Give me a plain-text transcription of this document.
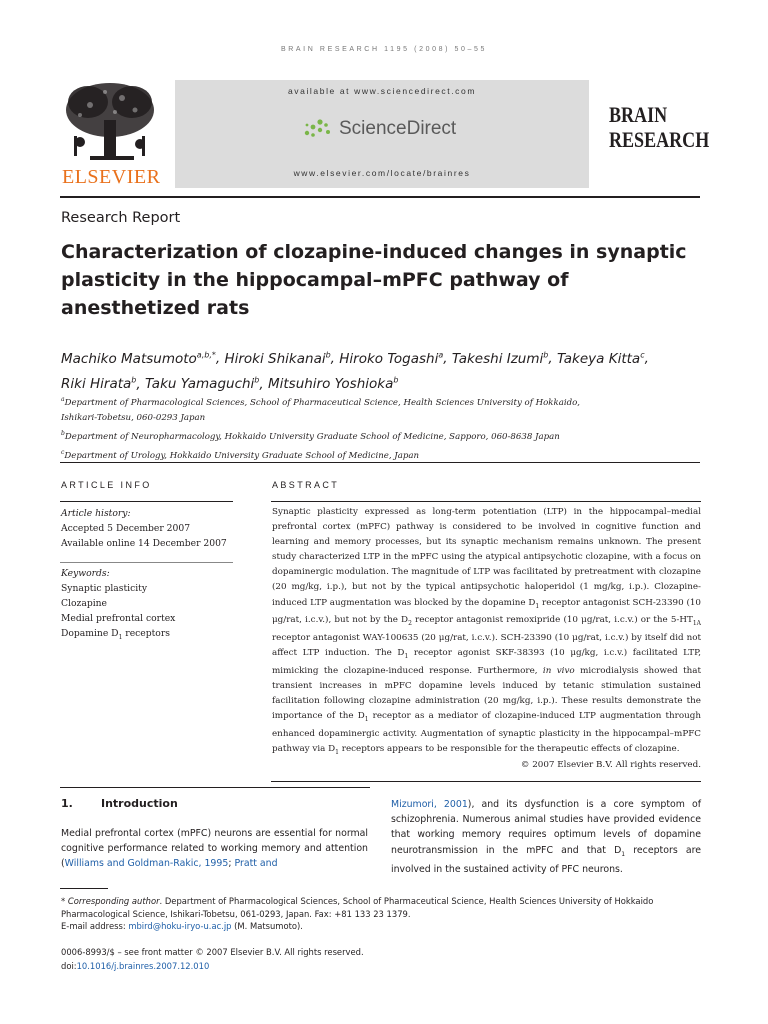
BRAIN RESEARCH 1195 (2008) 50–55
ELSEVIER
available at www.sciencedirect.com
ScienceDirect
www.elsevier.com/locate/brainres
BRAIN
RESEARCH
Research Report
Characterization of clozapine-induced changes in synaptic plasticity in the hippocampal–mPFC pathway of anesthetized rats
Machiko Matsumoto$^{a,b,*}$, Hiroki Shikanai$^b$, Hiroko Togashi$^a$, Takeshi Izumi$^b$, Takeya Kitta$^c$,
Riki Hirata$^b$, Taku Yamaguchi$^b$, Mitsuhiro Yoshioka$^b$
$^a$Department of Pharmacological Sciences, School of Pharmaceutical Science, Health Sciences University of Hokkaido,
Ishikari-Tobetsu, 060-0293 Japan
$^b$Department of Neuropharmacology, Hokkaido University Graduate School of Medicine, Sapporo, 060-8638 Japan
$^c$Department of Urology, Hokkaido University Graduate School of Medicine, Japan
ARTICLE INFO	ABSTRACT
Article history:
Accepted 5 December 2007
Available online 14 December 2007
Keywords:
Synaptic plasticity
Clozapine
Medial prefrontal cortex
Dopamine $D_1$ receptors
Synaptic plasticity expressed as long-term potentiation (LTP) in the hippocampal–medial prefrontal cortex (mPFC) pathway is considered to be involved in cognitive function and learning and memory processes, but its synaptic mechanism remains unknown. The present study characterized LTP in the mPFC using the atypical antipsychotic clozapine, with a focus on dopaminergic modulation. The magnitude of LTP was facilitated by pretreatment with clozapine (20 mg/kg, i.p.), but not by the typical antipsychotic haloperidol (1 mg/kg, i.p.). Clozapine-induced LTP augmentation was blocked by the dopamine $D_1$ receptor antagonist SCH-23390 (10 μg/rat, i.c.v.), but not by the $D_2$ receptor antagonist remoxipride (10 μg/rat, i.c.v.) or the $5-HT_{1A}$ receptor antagonist WAY-100635 (20 μg/rat, i.c.v.). SCH-23390 (10 μg/rat, i.c.v.) by itself did not affect LTP induction. The $D_1$ receptor agonist SKF-38393 (10 μg/kg, i.c.v.) facilitated LTP, mimicking the clozapine-induced response. Furthermore, in vivo microdialysis showed that transient increases in mPFC dopamine levels induced by tetanic stimulation sustained facilitation following clozapine administration (20 mg/kg, i.p.). These results demonstrate the importance of the $D_1$ receptor as a mediator of clozapine-induced LTP augmentation through enhanced dopaminergic activity. Augmentation of synaptic plasticity in the hippocampal–mPFC pathway via $D_1$ receptors appears to be responsible for the therapeutic effects of clozapine.
© 2007 Elsevier B.V. All rights reserved.
1.	Introduction
Medial prefrontal cortex (mPFC) neurons are essential for normal cognitive performance related to working memory and attention (Williams and Goldman-Rakic, 1995; Pratt and
Mizumori, 2001), and its dysfunction is a core symptom of schizophrenia. Numerous animal studies have provided evidence that working memory requires optimum levels of dopamine neurotransmission in the mPFC and that $D_1$ receptors are involved in the sustained activity of PFC neurons.
* Corresponding author. Department of Pharmacological Sciences, School of Pharmaceutical Science, Health Sciences University of Hokkaido Pharmacological Science, Ishikari-Tobetsu, 061-0293, Japan. Fax: +81 133 23 1379.
E-mail address: mbird@hoku-iryo-u.ac.jp (M. Matsumoto).
0006-8993/$ – see front matter © 2007 Elsevier B.V. All rights reserved.
doi:10.1016/j.brainres.2007.12.010
